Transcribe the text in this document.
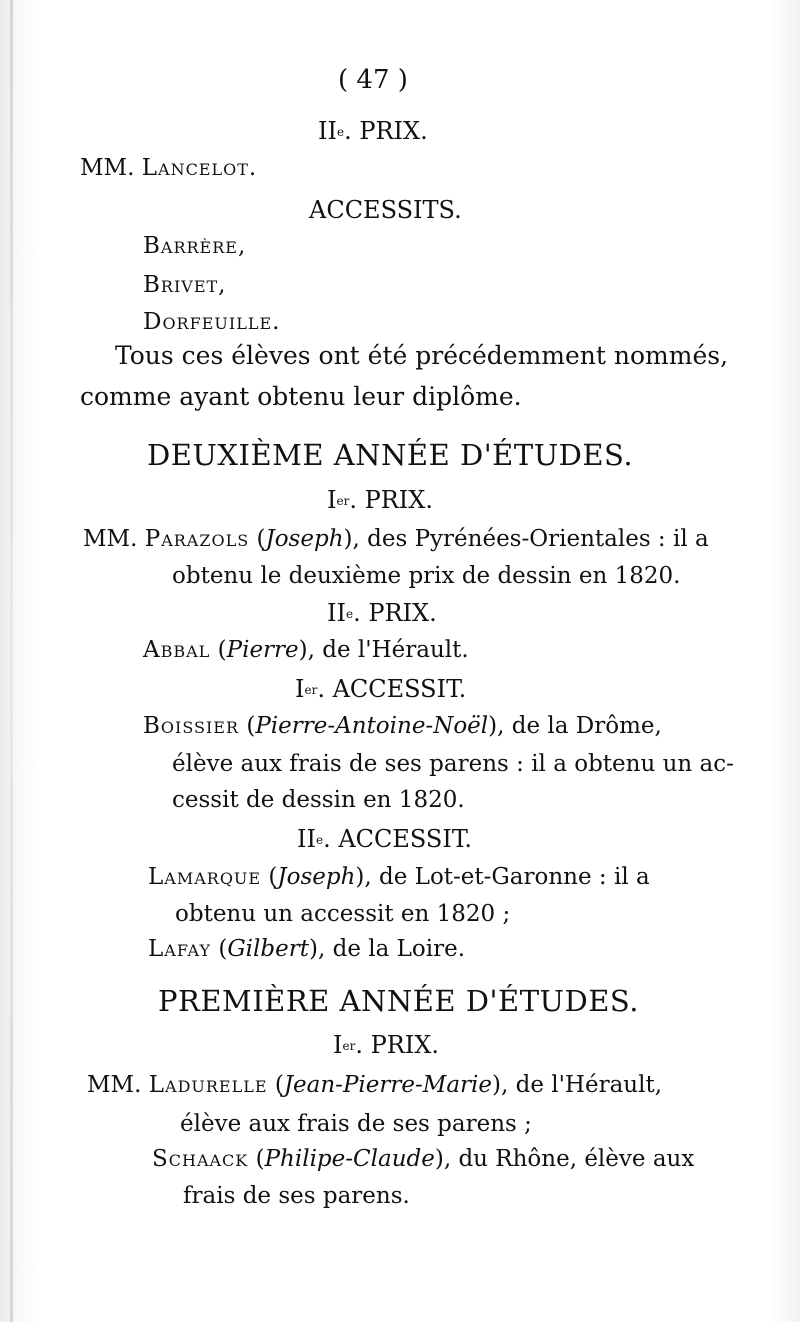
( 47 )
IIe. PRIX.
MM. Lancelot.
ACCESSITS.
Barrère,
Brivet,
Dorfeuille.
Tous ces élèves ont été précédemment nommés,
comme ayant obtenu leur diplôme.
DEUXIÈME ANNÉE D'ÉTUDES.
Ier. PRIX.
MM. Parazols (Joseph), des Pyrénées-Orientales : il a
obtenu le deuxième prix de dessin en 1820.
IIe. PRIX.
Abbal (Pierre), de l'Hérault.
Ier. ACCESSIT.
Boissier (Pierre-Antoine-Noël), de la Drôme,
élève aux frais de ses parens : il a obtenu un ac-
cessit de dessin en 1820.
IIe. ACCESSIT.
Lamarque (Joseph), de Lot-et-Garonne : il a
obtenu un accessit en 1820 ;
Lafay (Gilbert), de la Loire.
PREMIÈRE ANNÉE D'ÉTUDES.
Ier. PRIX.
MM. Ladurelle (Jean-Pierre-Marie), de l'Hérault,
élève aux frais de ses parens ;
Schaack (Philipe-Claude), du Rhône, élève aux
frais de ses parens.
